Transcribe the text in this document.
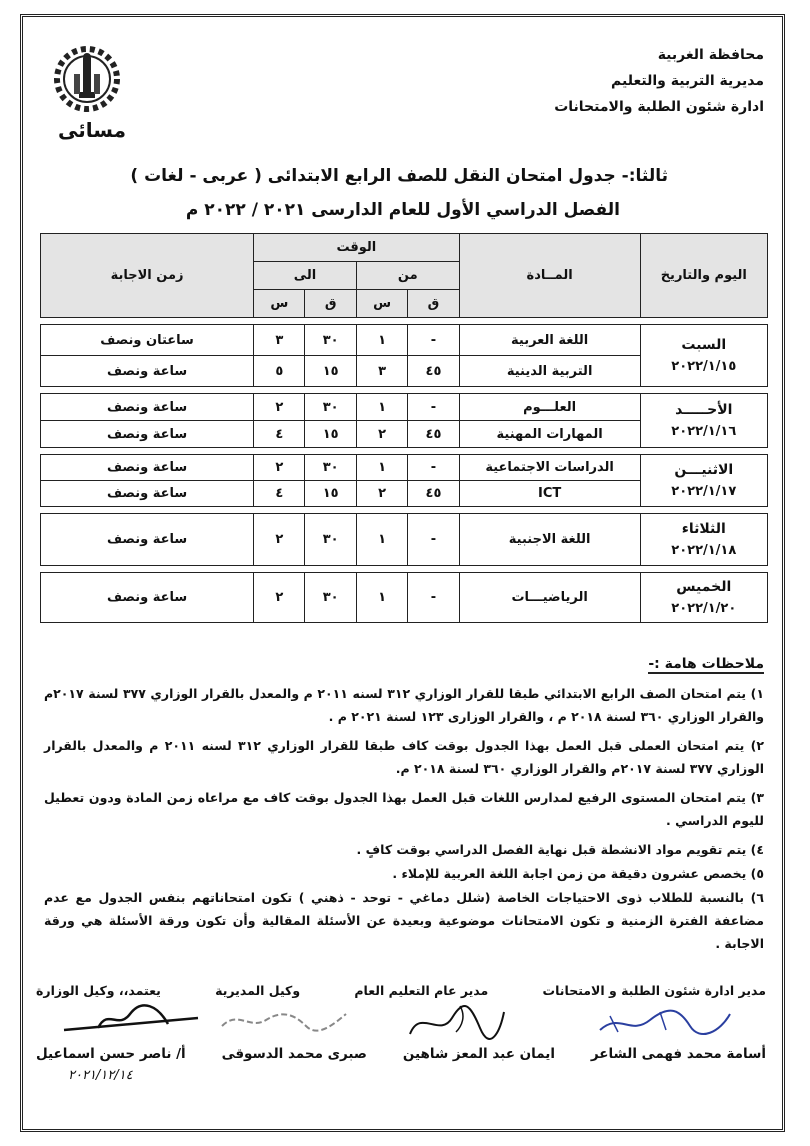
محافظة الغربية
مديرية التربية والتعليم
ادارة شئون الطلبة والامتحانات
مسائى
ثالثا:- جدول امتحان النقل للصف الرابع الابتدائى ( عربى - لغات )
الفصل الدراسي الأول للعام الدارسى ٢٠٢١ / ٢٠٢٢ م
اليوم والتاريخ	المــادة	الوقت				زمن الاجابة
		من		الى		
		ق	س	ق	س	

السبت
٢٠٢٢/١/١٥	اللغة العربية	-	١	٣٠	٣	ساعتان ونصف
	التربية الدينية	٤٥	٣	١٥	٥	ساعة ونصف

الأحـــــد
٢٠٢٢/١/١٦	العلـــوم	-	١	٣٠	٢	ساعة ونصف
	المهارات المهنية	٤٥	٢	١٥	٤	ساعة ونصف

الاثنيـــن
٢٠٢٢/١/١٧	الدراسات الاجتماعية	-	١	٣٠	٢	ساعة ونصف
	ICT	٤٥	٢	١٥	٤	ساعة ونصف

الثلاثاء
٢٠٢٢/١/١٨	اللغة الاجنبية	-	١	٣٠	٢	ساعة ونصف

الخميس
٢٠٢٢/١/٢٠	الرياضيـــات	-	١	٣٠	٢	ساعة ونصف
ملاحظات هامة :-
١) يتم امتحان الصف الرابع الابتدائي طبقا للقرار الوزاري ٣١٢ لسنه ٢٠١١ م والمعدل بالقرار الوزاري ٣٧٧ لسنة ٢٠١٧م والقرار الوزاري ٣٦٠ لسنة ٢٠١٨ م ، والقرار الوزارى ١٢٣ لسنة ٢٠٢١ م .
٢) يتم امتحان العملى قبل العمل بهذا الجدول بوقت كاف طبقا للقرار الوزاري ٣١٢ لسنه ٢٠١١ م والمعدل بالقرار الوزاري ٣٧٧ لسنة ٢٠١٧م والقرار الوزاري ٣٦٠ لسنة ٢٠١٨ م.
٣) يتم امتحان المستوى الرفيع لمدارس اللغات قبل العمل بهذا الجدول بوقت كاف مع مراعاه زمن المادة ودون تعطيل لليوم الدراسي .
٤) يتم تقويم مواد الانشطة قبل نهاية الفصل الدراسي بوقت كافٍ .
٥) يخصص عشرون دقيقة من زمن اجابة اللغة العربية للإملاء .
٦) بالنسبة للطلاب ذوى الاحتياجات الخاصة (شلل دماغي - توحد - ذهني ) تكون امتحاناتهم بنفس الجدول مع عدم مضاعفة الفترة الزمنية و تكون الامتحانات موضوعية وبعيدة عن الأسئلة المقالية وأن تكون ورقة الأسئلة هي ورقة الاجابة .
مدير ادارة شئون الطلبة و الامتحانات
مدير عام التعليم العام
وكيل المديرية
يعتمد،، وكيل الوزارة
أسامة محمد فهمى الشاعر
ايمان عبد المعز شاهين
صبرى محمد الدسوقى
أ/ ناصر حسن اسماعيل
٢٠٢١/١٢/١٤
